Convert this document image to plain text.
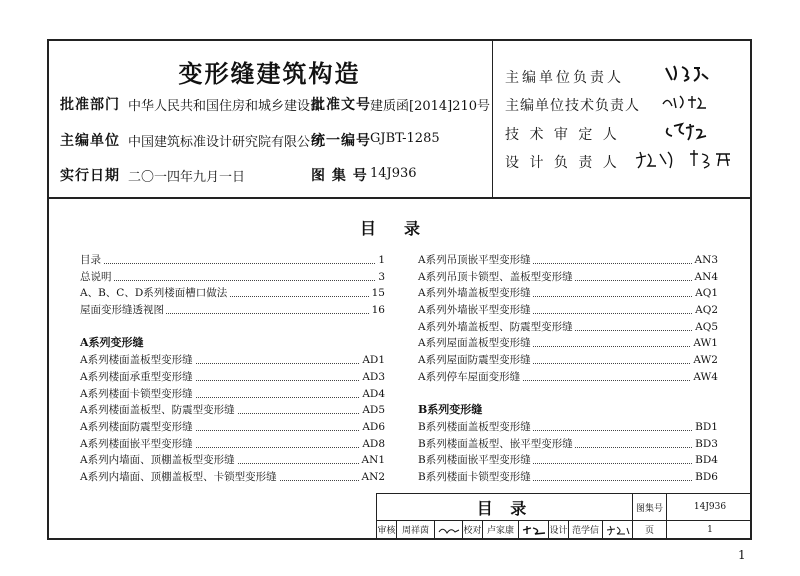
变形缝建筑构造
批准部门 中华人民共和国住房和城乡建设部
批准文号 建质函[2014]210号
主编单位 中国建筑标准设计研究院有限公司
统一编号 GJBT-1285
实行日期 二〇一四年九月一日	图 集 号 14J936
主编单位负责人
主编单位技术负责人
技 术 审 定 人
设 计 负 责 人
目 录
目录	1
总说明	3
A、B、C、D系列楼面槽口做法	15
屋面变形缝透视图	16
A系列变形缝
A系列楼面盖板型变形缝	AD1
A系列楼面承重型变形缝	AD3
A系列楼面卡锁型变形缝	AD4
A系列楼面盖板型、防震型变形缝	AD5
A系列楼面防震型变形缝	AD6
A系列楼面嵌平型变形缝	AD8
A系列内墙面、顶棚盖板型变形缝	AN1
A系列内墙面、顶棚盖板型、卡锁型变形缝	AN2
A系列吊顶嵌平型变形缝	AN3
A系列吊顶卡锁型、盖板型变形缝	AN4
A系列外墙盖板型变形缝	AQ1
A系列外墙嵌平型变形缝	AQ2
A系列外墙盖板型、防震型变形缝	AQ5
A系列屋面盖板型变形缝	AW1
A系列屋面防震型变形缝	AW2
A系列停车屋面变形缝	AW4
B系列变形缝
B系列楼面盖板型变形缝	BD1
B系列楼面盖板型、嵌平型变形缝	BD3
B系列楼面嵌平型变形缝	BD4
B系列楼面卡锁型变形缝	BD6
目 录	图集号	14J936
审核 周祥茵	校对 卢家康	设计 范学信	页	1
1
